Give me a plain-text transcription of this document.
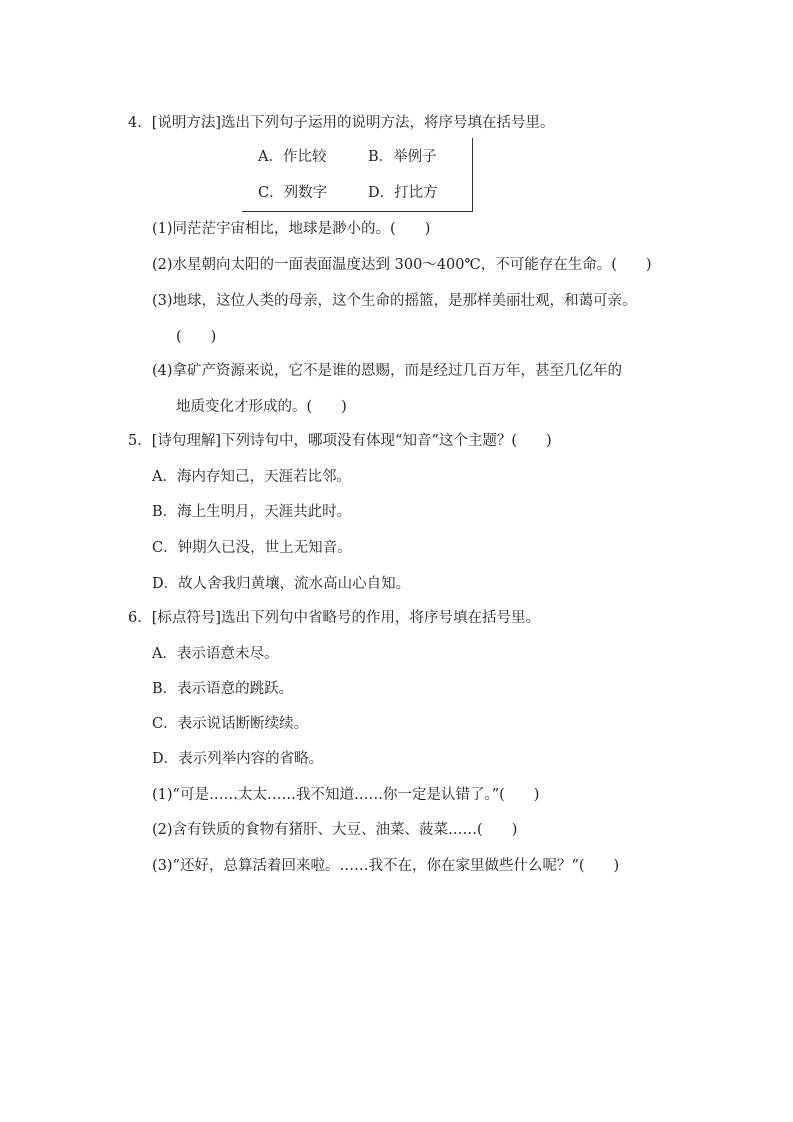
4．[说明方法]选出下列句子运用的说明方法，将序号填在括号里。
A．作比较	B．举例子
C．列数字	D．打比方
(1)同茫茫宇宙相比，地球是渺小的。(　　)
(2)水星朝向太阳的一面表面温度达到 300～400℃，不可能存在生命。(　　)
(3)地球，这位人类的母亲，这个生命的摇篮，是那样美丽壮观，和蔼可亲。
(　　)
(4)拿矿产资源来说，它不是谁的恩赐，而是经过几百万年，甚至几亿年的
地质变化才形成的。(　　)
5．[诗句理解]下列诗句中，哪项没有体现“知音”这个主题？(　　)
A．海内存知己，天涯若比邻。
B．海上生明月，天涯共此时。
C．钟期久已没，世上无知音。
D．故人舍我归黄壤，流水高山心自知。
6．[标点符号]选出下列句中省略号的作用，将序号填在括号里。
A．表示语意未尽。
B．表示语意的跳跃。
C．表示说话断断续续。
D．表示列举内容的省略。
(1)“可是……太太……我不知道……你一定是认错了。”(　　)
(2)含有铁质的食物有猪肝、大豆、油菜、菠菜……(　　)
(3)“还好，总算活着回来啦。……我不在，你在家里做些什么呢？”(　　)
